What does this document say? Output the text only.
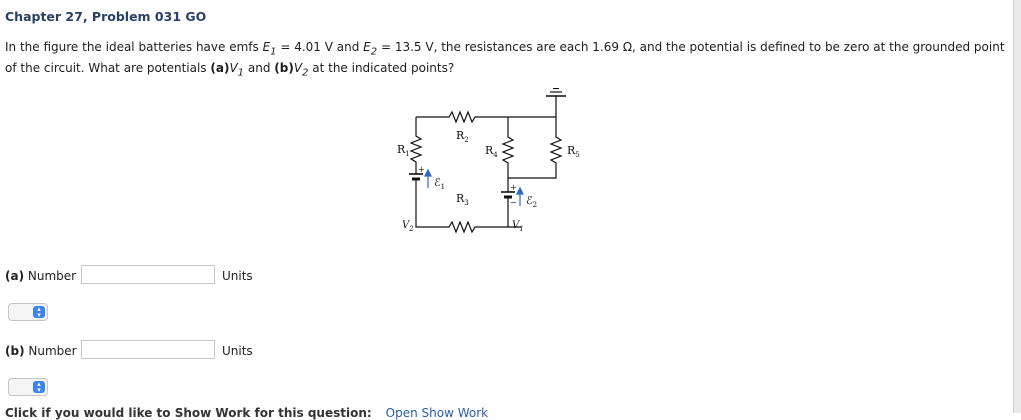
Chapter 27, Problem 031 GO
In the figure the ideal batteries have emfs $E_1 = 4.01$ V and $E_2 = 13.5$ V, the resistances are each 1.69 Ω, and the potential is defined to be zero at the grounded point of the circuit. What are potentials $(a)V_1$ and $(b)V_2$ at the indicated points?
$R_1$
$R_2$
$R_4$	$R_5$
$R_3$
ℰ$_1$
ℰ$_2$
$V_2$	$V_1$
+
+
−
(a) Number	Units
▴
▾
(b) Number	Units
▴
▾
Click if you would like to Show Work for this question: Open Show Work
